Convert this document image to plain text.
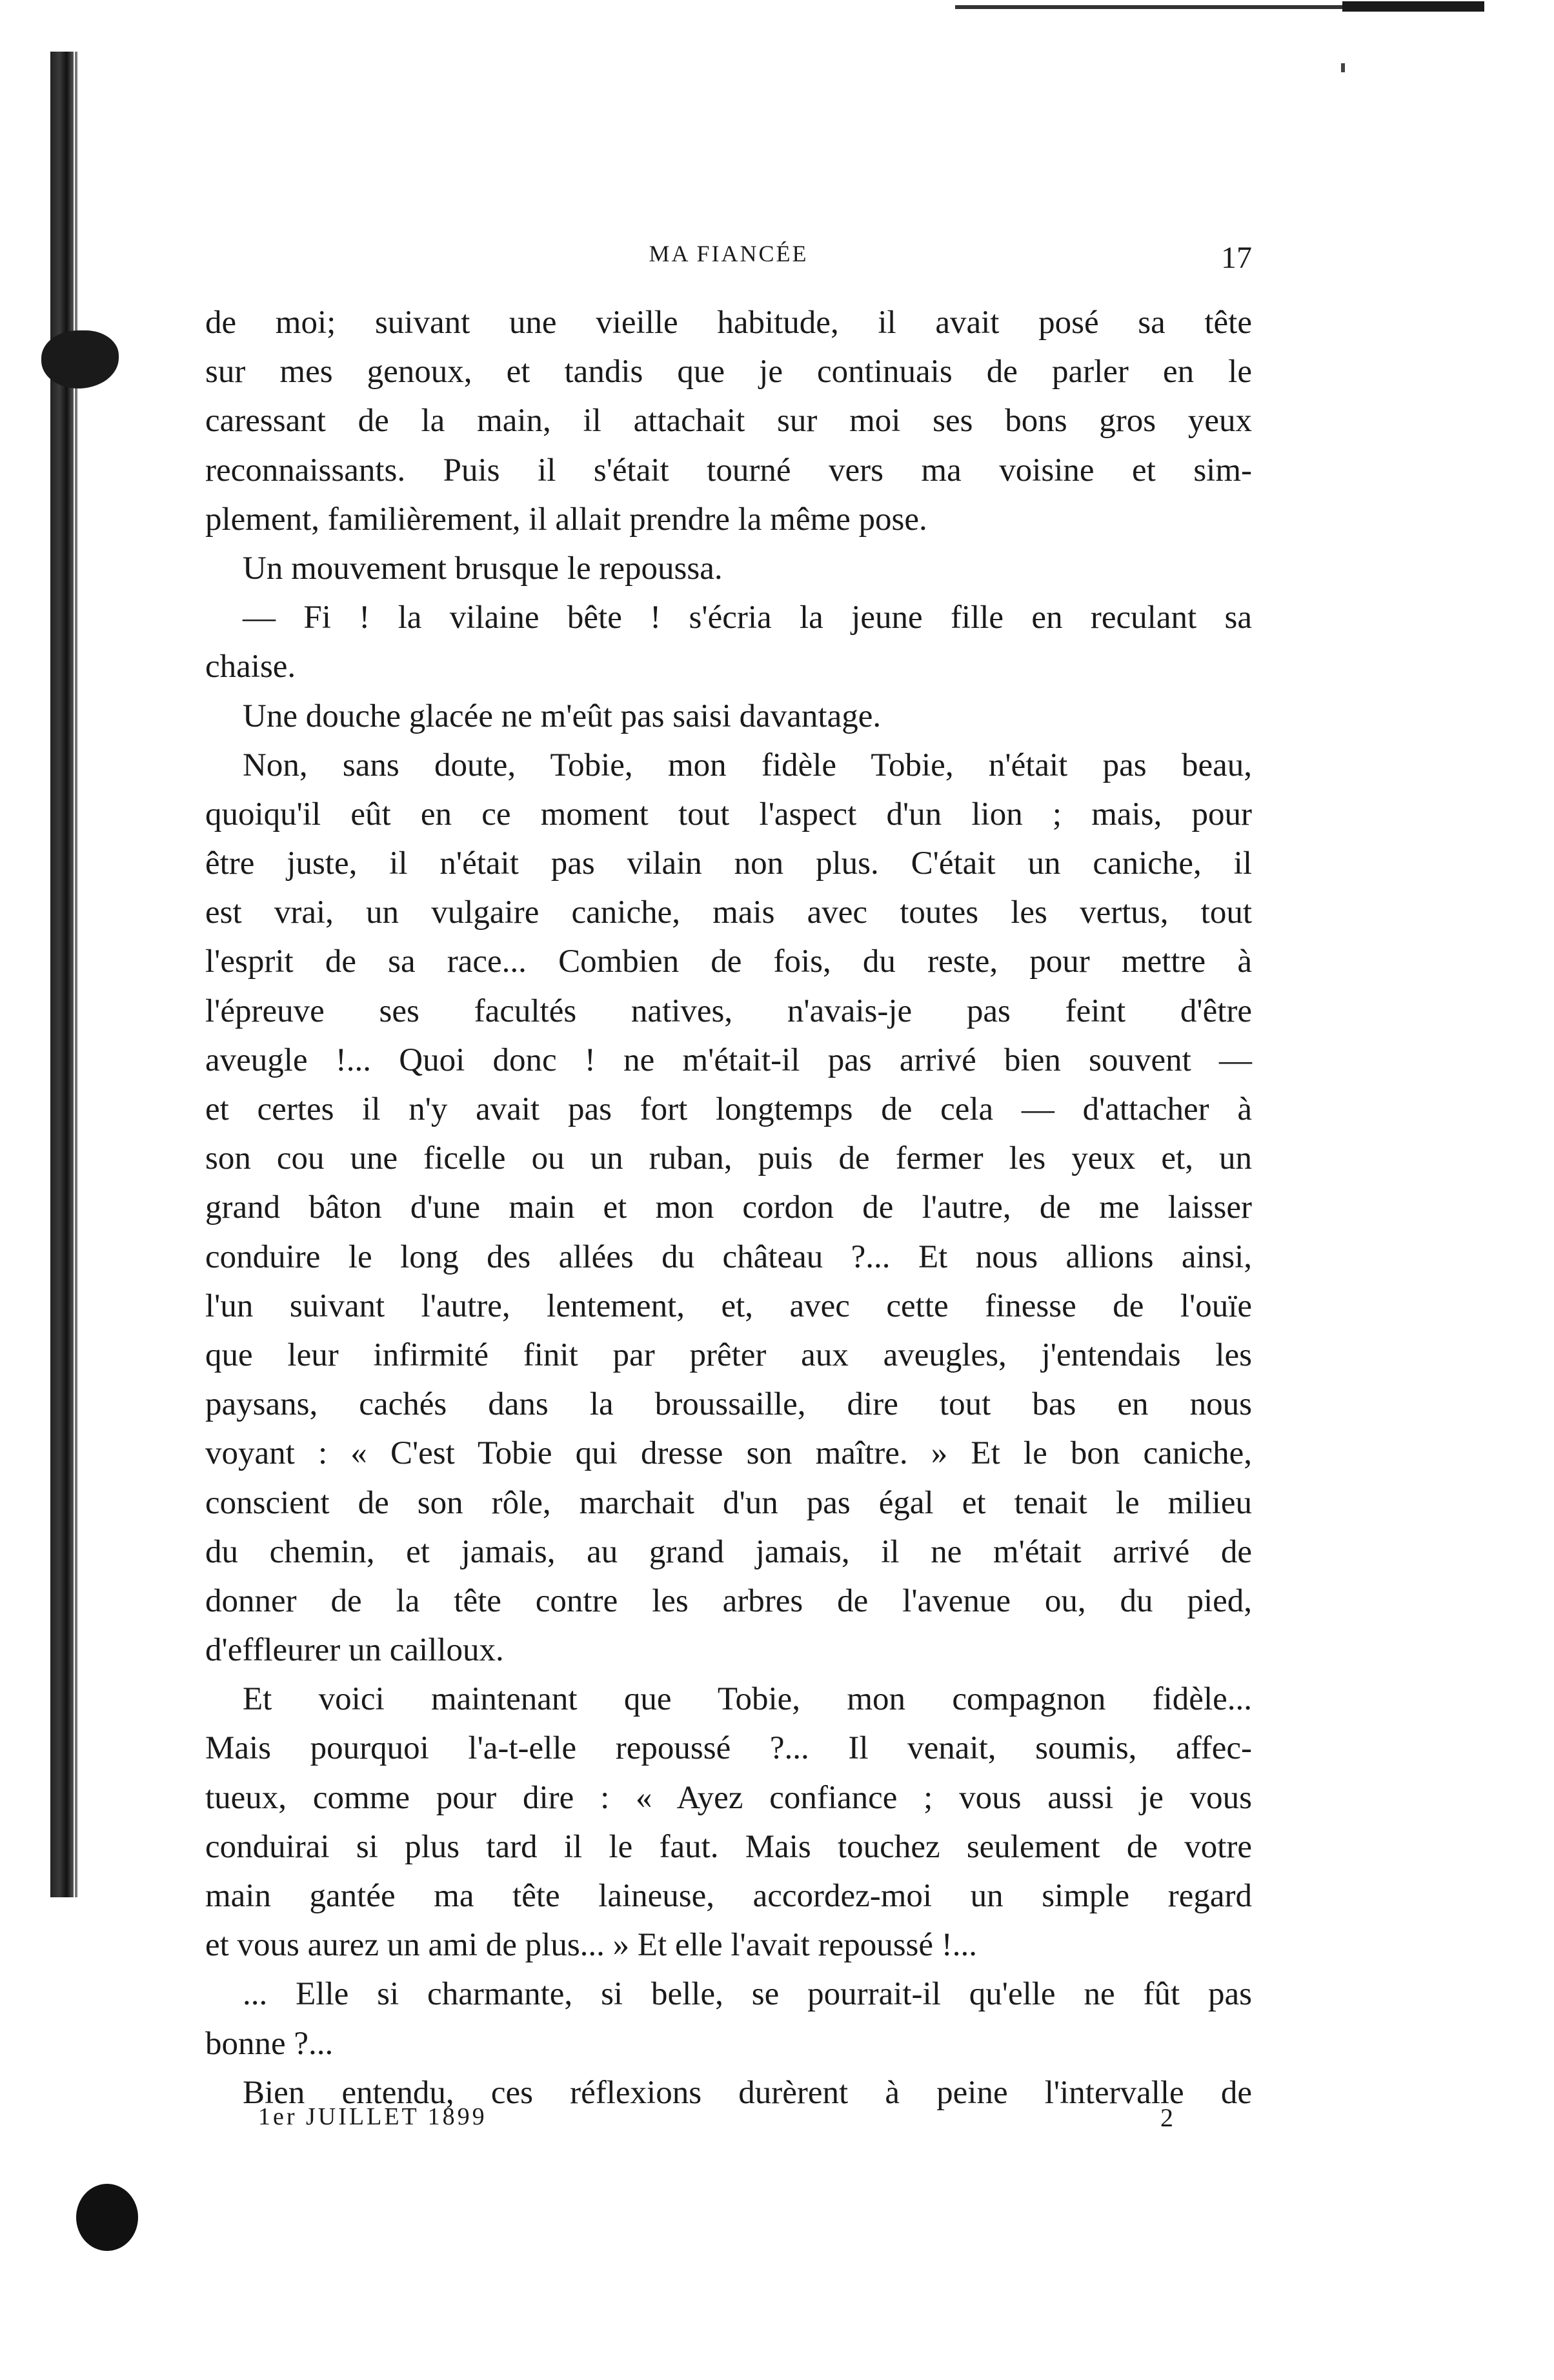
MA FIANCÉE	17
de moi; suivant une vieille habitude, il avait posé sa tête
sur mes genoux, et tandis que je continuais de parler en le
caressant de la main, il attachait sur moi ses bons gros yeux
reconnaissants. Puis il s'était tourné vers ma voisine et sim-
plement, familièrement, il allait prendre la même pose.
Un mouvement brusque le repoussa.
— Fi ! la vilaine bête ! s'écria la jeune fille en reculant sa
chaise.
Une douche glacée ne m'eût pas saisi davantage.
Non, sans doute, Tobie, mon fidèle Tobie, n'était pas beau,
quoiqu'il eût en ce moment tout l'aspect d'un lion ; mais, pour
être juste, il n'était pas vilain non plus. C'était un caniche, il
est vrai, un vulgaire caniche, mais avec toutes les vertus, tout
l'esprit de sa race... Combien de fois, du reste, pour mettre à
l'épreuve ses facultés natives, n'avais-je pas feint d'être
aveugle !... Quoi donc ! ne m'était-il pas arrivé bien souvent —
et certes il n'y avait pas fort longtemps de cela — d'attacher à
son cou une ficelle ou un ruban, puis de fermer les yeux et, un
grand bâton d'une main et mon cordon de l'autre, de me laisser
conduire le long des allées du château ?... Et nous allions ainsi,
l'un suivant l'autre, lentement, et, avec cette finesse de l'ouïe
que leur infirmité finit par prêter aux aveugles, j'entendais les
paysans, cachés dans la broussaille, dire tout bas en nous
voyant : « C'est Tobie qui dresse son maître. » Et le bon caniche,
conscient de son rôle, marchait d'un pas égal et tenait le milieu
du chemin, et jamais, au grand jamais, il ne m'était arrivé de
donner de la tête contre les arbres de l'avenue ou, du pied,
d'effleurer un cailloux.
Et voici maintenant que Tobie, mon compagnon fidèle...
Mais pourquoi l'a-t-elle repoussé ?... Il venait, soumis, affec-
tueux, comme pour dire : « Ayez confiance ; vous aussi je vous
conduirai si plus tard il le faut. Mais touchez seulement de votre
main gantée ma tête laineuse, accordez-moi un simple regard
et vous aurez un ami de plus... » Et elle l'avait repoussé !...
... Elle si charmante, si belle, se pourrait-il qu'elle ne fût pas
bonne ?...
Bien entendu, ces réflexions durèrent à peine l'intervalle de
1er JUILLET 1899	2
